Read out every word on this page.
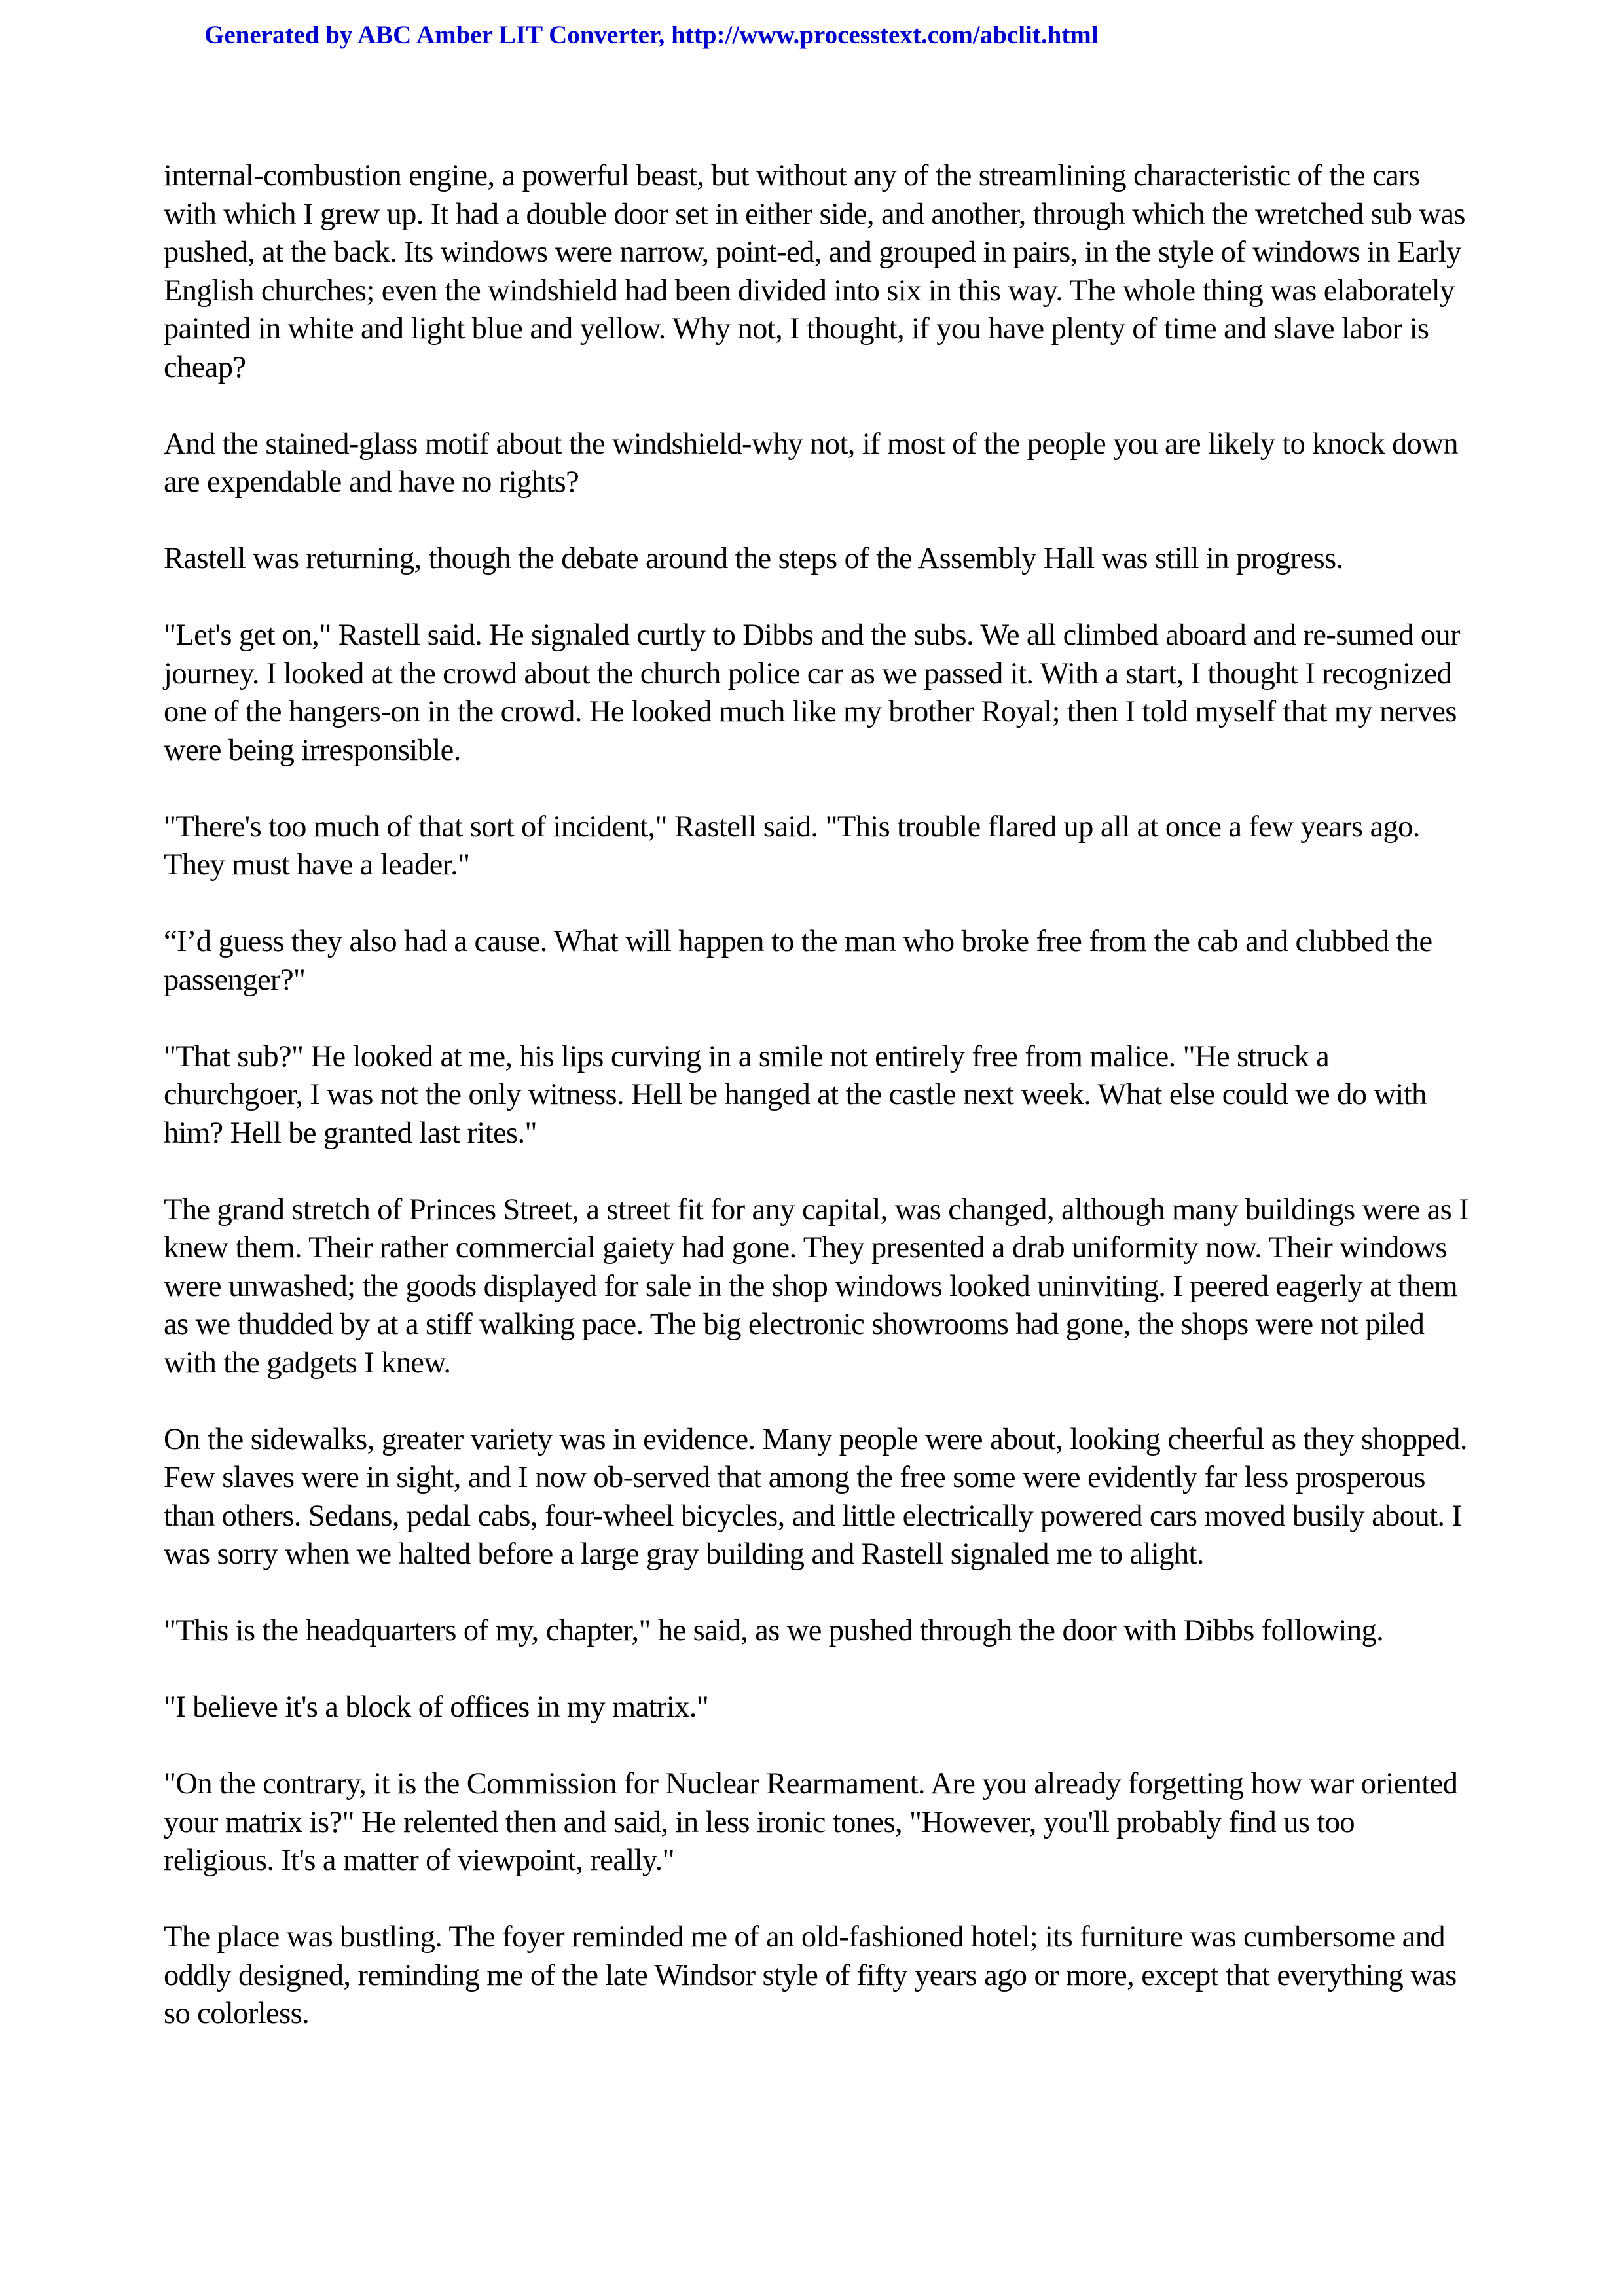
Generated by ABC Amber LIT Converter, http://www.processtext.com/abclit.html

internal-combustion engine, a powerful beast, but without any of the streamlining characteristic of the cars with which I grew up. It had a double door set in either side, and another, through which the wretched sub was pushed, at the back. Its windows were narrow, point-ed, and grouped in pairs, in the style of windows in Early English churches; even the windshield had been divided into six in this way. The whole thing was elaborately painted in white and light blue and yellow. Why not, I thought, if you have plenty of time and slave labor is cheap?

And the stained-glass motif about the windshield-why not, if most of the people you are likely to knock down are expendable and have no rights?

Rastell was returning, though the debate around the steps of the Assembly Hall was still in progress.

"Let's get on," Rastell said. He signaled curtly to Dibbs and the subs. We all climbed aboard and re-sumed our journey. I looked at the crowd about the church police car as we passed it. With a start, I thought I recognized one of the hangers-on in the crowd. He looked much like my brother Royal; then I told myself that my nerves were being irresponsible.

"There's too much of that sort of incident," Rastell said. "This trouble flared up all at once a few years ago. They must have a leader."

“I’d guess they also had a cause. What will happen to the man who broke free from the cab and clubbed the passenger?"

"That sub?" He looked at me, his lips curving in a smile not entirely free from malice. "He struck a churchgoer, I was not the only witness. Hell be hanged at the castle next week. What else could we do with him? Hell be granted last rites."

The grand stretch of Princes Street, a street fit for any capital, was changed, although many buildings were as I knew them. Their rather commercial gaiety had gone. They presented a drab uniformity now. Their windows were unwashed; the goods displayed for sale in the shop windows looked uninviting. I peered eagerly at them as we thudded by at a stiff walking pace. The big electronic showrooms had gone, the shops were not piled with the gadgets I knew.

On the sidewalks, greater variety was in evidence. Many people were about, looking cheerful as they shopped. Few slaves were in sight, and I now ob-served that among the free some were evidently far less prosperous than others. Sedans, pedal cabs, four-wheel bicycles, and little electrically powered cars moved busily about. I was sorry when we halted before a large gray building and Rastell signaled me to alight.

"This is the headquarters of my, chapter," he said, as we pushed through the door with Dibbs following.

"I believe it's a block of offices in my matrix."

"On the contrary, it is the Commission for Nuclear Rearmament. Are you already forgetting how war oriented your matrix is?" He relented then and said, in less ironic tones, "However, you'll probably find us too religious. It's a matter of viewpoint, really."

The place was bustling. The foyer reminded me of an old-fashioned hotel; its furniture was cumbersome and oddly designed, reminding me of the late Windsor style of fifty years ago or more, except that everything was so colorless.
